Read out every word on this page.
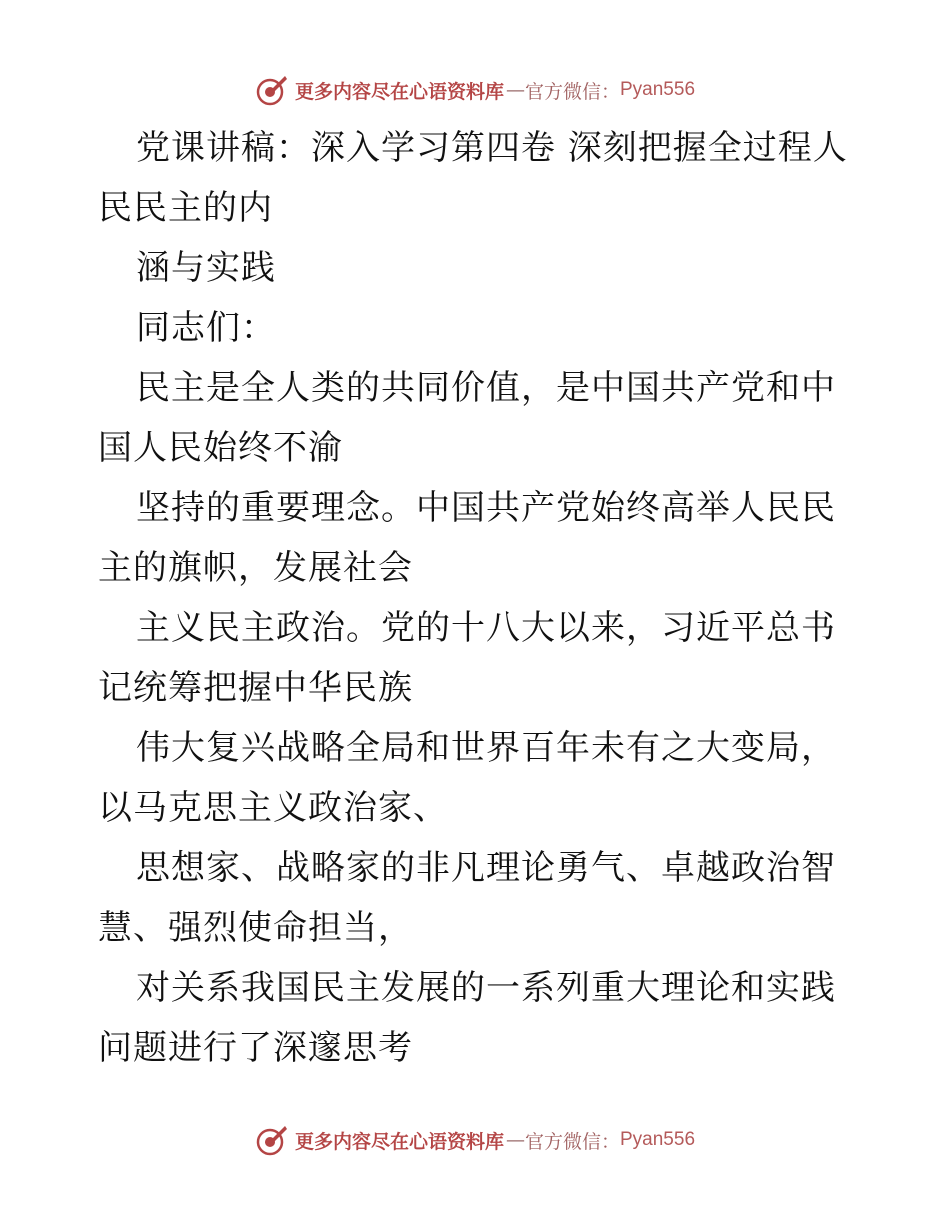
更多内容尽在心语资料库 — 官方微信： Pyan556

党课讲稿：深入学习第四卷 深刻把握全过程人民民主的内

涵与实践

同志们：

民主是全人类的共同价值，是中国共产党和中国人民始终不渝

坚持的重要理念。中国共产党始终高举人民民主的旗帜，发展社会

主义民主政治。党的十八大以来，习近平总书记统筹把握中华民族

伟大复兴战略全局和世界百年未有之大变局，以马克思主义政治家、

思想家、战略家的非凡理论勇气、卓越政治智慧、强烈使命担当，

对关系我国民主发展的一系列重大理论和实践问题进行了深邃思考

更多内容尽在心语资料库 — 官方微信： Pyan556
